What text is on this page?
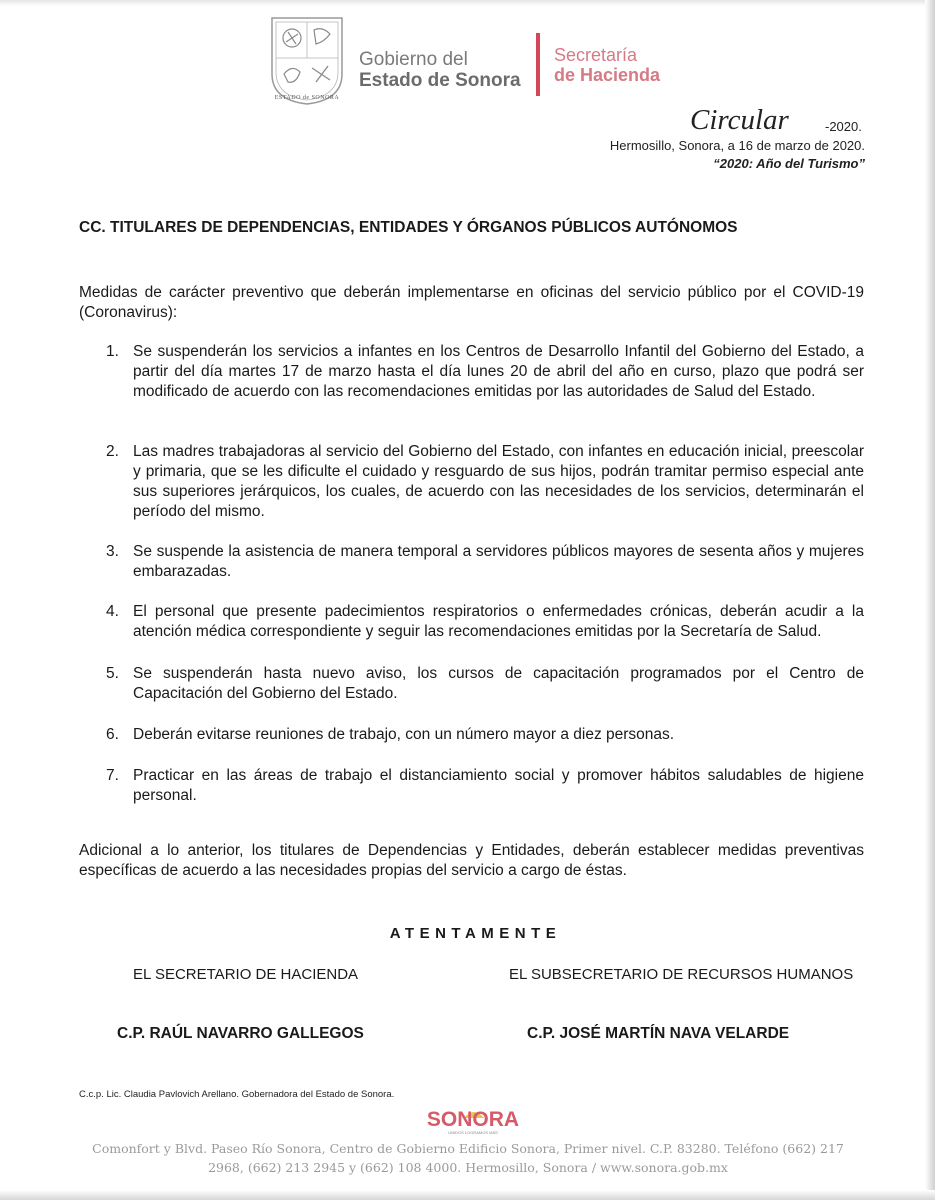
ESTADO de SONORA
Gobierno del
Estado de Sonora
Secretaría
de Hacienda
Circular	-2020.
Hermosillo, Sonora, a 16 de marzo de 2020.
“2020: Año del Turismo”
CC. TITULARES DE DEPENDENCIAS, ENTIDADES Y ÓRGANOS PÚBLICOS AUTÓNOMOS
Medidas de carácter preventivo que deberán implementarse en oficinas del servicio público por el COVID-19 (Coronavirus):
1. Se suspenderán los servicios a infantes en los Centros de Desarrollo Infantil del Gobierno del Estado, a partir del día martes 17 de marzo hasta el día lunes 20 de abril del año en curso, plazo que podrá ser modificado de acuerdo con las recomendaciones emitidas por las autoridades de Salud del Estado.
2. Las madres trabajadoras al servicio del Gobierno del Estado, con infantes en educación inicial, preescolar y primaria, que se les dificulte el cuidado y resguardo de sus hijos, podrán tramitar permiso especial ante sus superiores jerárquicos, los cuales, de acuerdo con las necesidades de los servicios, determinarán el período del mismo.
3. Se suspende la asistencia de manera temporal a servidores públicos mayores de sesenta años y mujeres embarazadas.
4. El personal que presente padecimientos respiratorios o enfermedades crónicas, deberán acudir a la atención médica correspondiente y seguir las recomendaciones emitidas por la Secretaría de Salud.
5. Se suspenderán hasta nuevo aviso, los cursos de capacitación programados por el Centro de Capacitación del Gobierno del Estado.
6. Deberán evitarse reuniones de trabajo, con un número mayor a diez personas.
7. Practicar en las áreas de trabajo el distanciamiento social y promover hábitos saludables de higiene personal.
Adicional a lo anterior, los titulares de Dependencias y Entidades, deberán establecer medidas preventivas específicas de acuerdo a las necesidades propias del servicio a cargo de éstas.
ATENTAMENTE
EL SECRETARIO DE HACIENDA	EL SUBSECRETARIO DE RECURSOS HUMANOS
C.P. RAÚL NAVARRO GALLEGOS	C.P. JOSÉ MARTÍN NAVA VELARDE
C.c.p. Lic. Claudia Pavlovich Arellano. Gobernadora del Estado de Sonora.
SONORA
UNIDOS LOGRAMOS MÁS
Comonfort y Blvd. Paseo Río Sonora, Centro de Gobierno Edificio Sonora, Primer nivel. C.P. 83280. Teléfono (662) 217
2968, (662) 213 2945 y (662) 108 4000. Hermosillo, Sonora / www.sonora.gob.mx
